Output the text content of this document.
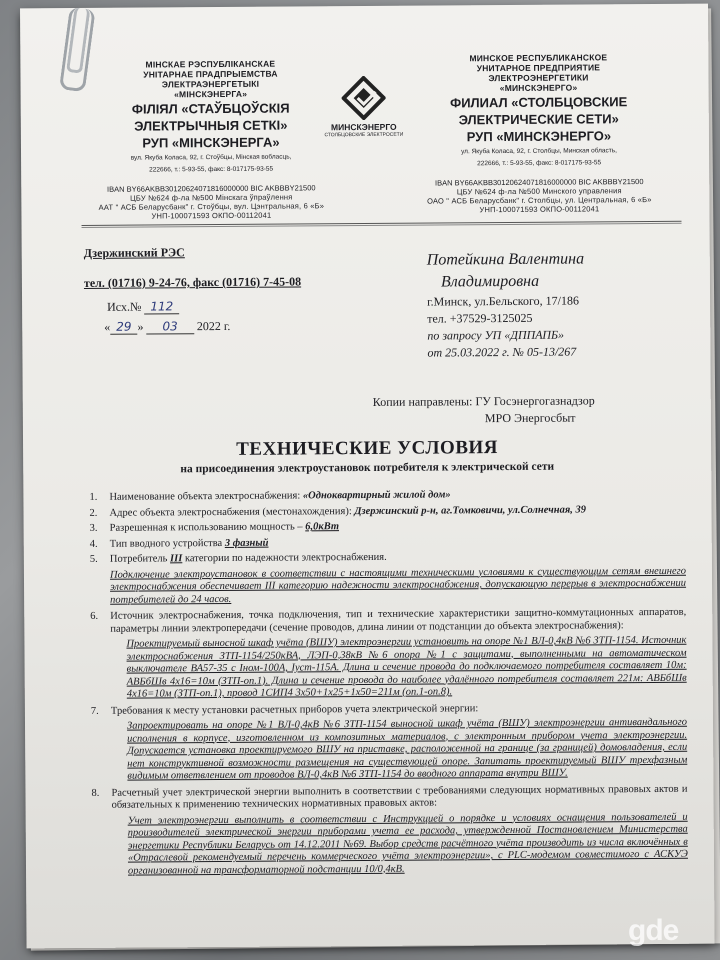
МІНСКАЕ РЭСПУБЛІКАНСКАЕ
УНІТАРНАЕ ПРАДПРЫЕМСТВА
ЭЛЕКТРАЭНЕРГЕТЫКІ
«МІНСКЭНЕРГА»
ФІЛІЯЛ «СТАЎБЦОЎСКІЯ
ЭЛЕКТРЫЧНЫЯ СЕТКІ»
РУП «МІНСКЭНЕРГА»
вул. Якуба Коласа, 92, г. Стоўбцы, Мінская вобласць,
222666, т.: 5-93-55, факс: 8-017175-93-55
IBAN BY66AKBB30120624071816000000 BIC AKBBBY21500
ЦБУ №624 ф-ла №500 Мінскага ўпраўлення
ААТ " АСБ Беларусбанк" г. Стоўбцы, вул. Цэнтральная, 6 «Б»
УНП-100071593 ОКПО-00112041
МИНСКЭНЕРГО
СТОЛБЦОВСКИЕ ЭЛЕКТРОСЕТИ
МИНСКОЕ РЕСПУБЛИКАНСКОЕ
УНИТАРНОЕ ПРЕДПРИЯТИЕ
ЭЛЕКТРОЭНЕРГЕТИКИ
«МИНСКЭНЕРГО»
ФИЛИАЛ «СТОЛБЦОВСКИЕ
ЭЛЕКТРИЧЕСКИЕ СЕТИ»
РУП «МИНСКЭНЕРГО»
ул. Якуба Коласа, 92, г. Столбцы, Минская область,
222666, т.: 5-93-55, факс: 8-017175-93-55
IBAN BY66AKBB30120624071816000000 BIC AKBBBY21500
ЦБУ №624 ф-ла №500 Минского управления
ОАО " АСБ Беларусбанк" г. Столбцы, ул. Центральная, 6 «Б»
УНП-100071593 ОКПО-00112041
Дзержинский РЭС
тел. (01716) 9-24-76, факс (01716) 7-45-08
Исх.№ 112
« 29 » 03 2022 г.
Потейкина Валентина
Владимировна
г.Минск, ул.Бельского, 17/186
тел. +37529-3125025
по запросу УП «ДППАПБ»
от 25.03.2022 г. № 05-13/267
Копии направлены: ГУ Госэнергогазнадзор
МРО Энергосбыт
ТЕХНИЧЕСКИЕ УСЛОВИЯ
на присоединения электроустановок потребителя к электрической сети
1.	Наименование объекта электроснабжения: «Одноквартирный жилой дом»
2.	Адрес объекта электроснабжения (местонахождения): Дзержинский р-н, аг.Томковичи, ул.Солнечная, 39
3.	Разрешенная к использованию мощность – 6,0кВт
4.	Тип вводного устройства 3 фазный
5.	Потребитель III категории по надежности электроснабжения.
Подключение электроустановок в соответствии с настоящими техническими условиями к существующим сетям внешнего электроснабжения обеспечивает III категорию надежности электроснабжения, допускающую перерыв в электроснабжении потребителей до 24 часов.
6.	Источник электроснабжения, точка подключения, тип и технические характеристики защитно-коммутационных аппаратов, параметры линии электропередачи (сечение проводов, длина линии от подстанции до объекта электроснабжения):
Проектируемый выносной шкаф учёта (ВШУ) электроэнергии установить на опоре №1 ВЛ-0,4кВ №6 ЗТП-1154. Источник электроснабжения ЗТП-1154/250кВА, ЛЭП-0,38кВ №6 опора №1 с защитами, выполненными на автоматическом выключателе ВА57-35 с Iном-100А, Iуст-115А. Длина и сечение провода до подключаемого потребителя составляет 10м: АВБбШв 4х16=10м (ЗТП-оп.1). Длина и сечение провода до наиболее удалённого потребителя составляет 221м: АВБбШв 4х16=10м (ЗТП-оп.1), провод 1СИП4 3х50+1х25+1х50=211м (оп.1-оп.8).
7.	Требования к месту установки расчетных приборов учета электрической энергии:
Запроектировать на опоре №1 ВЛ-0,4кВ №6 ЗТП-1154 выносной шкаф учёта (ВШУ) электроэнергии антивандального исполнения в корпусе, изготовленном из композитных материалов, с электронным прибором учета электроэнергии. Допускается установка проектируемого ВШУ на приставке, расположенной на границе (за границей) домовладения, если нет конструктивной возможности размещения на существующей опоре. Запитать проектируемый ВШУ трехфазным видимым ответвлением от проводов ВЛ-0,4кВ №6 ЗТП-1154 до вводного аппарата внутри ВШУ.
8.	Расчетный учет электрической энергии выполнить в соответствии с требованиями следующих нормативных правовых актов и обязательных к применению технических нормативных правовых актов:
Учет электроэнергии выполнить в соответствии с Инструкцией о порядке и условиях оснащения пользователей и производителей электрической энергии приборами учета ее расхода, утвержденной Постановлением Министерства энергетики Республики Беларусь от 14.12.2011 №69. Выбор средств расчётного учёта производить из числа включённых в «Отраслевой рекомендуемый перечень коммерческого учёта электроэнергии», с PLC-модемом совместимого с АСКУЭ организованной на трансформаторной подстанции 10/0,4кВ.
gde
